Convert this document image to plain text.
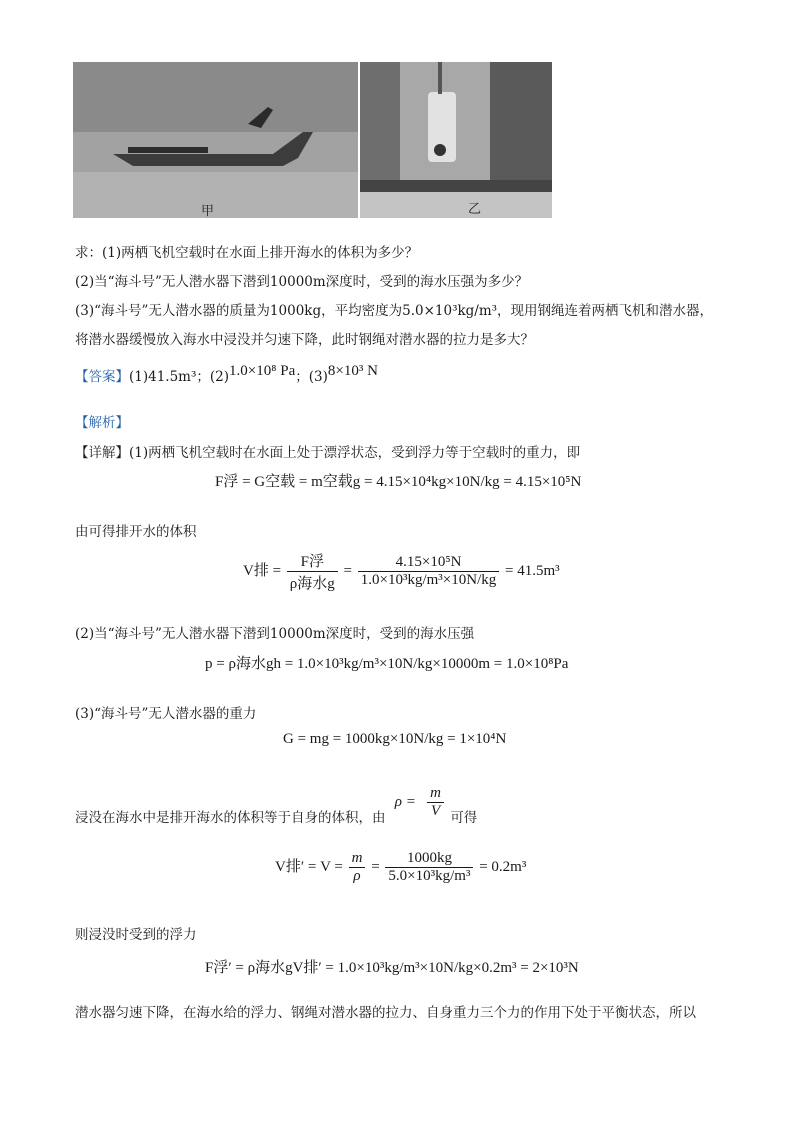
甲	乙
求：(1)两栖飞机空载时在水面上排开海水的体积为多少？
(2)当“海斗号”无人潜水器下潜到10000m深度时，受到的海水压强为多少？
(3)“海斗号”无人潜水器的质量为1000kg，平均密度为5.0×10³kg/m³，现用钢绳连着两栖飞机和潜水器，
将潜水器缓慢放入海水中浸没并匀速下降，此时钢绳对潜水器的拉力是多大？
【答案】(1)41.5m³；(2)1.0×10⁸ Pa；(3)8×10³ N
【解析】
【详解】(1)两栖飞机空载时在水面上处于漂浮状态，受到浮力等于空载时的重力，即
F浮 = G空载 = m空载g = 4.15×10⁴kg×10N/kg = 4.15×10⁵N
由可得排开水的体积
V排 = $\frac{\text{F浮}}{\text{ρ海水g}} = \frac{\text{4.15×10⁵N}}{\text{1.0×10³kg/m³×10N/kg}} = 41.5m^3$
(2)当“海斗号”无人潜水器下潜到10000m深度时，受到的海水压强
p = ρ海水gh = 1.0×10³kg/m³×10N/kg×10000m = 1.0×10⁸Pa
(3)“海斗号”无人潜水器的重力
G = mg = 1000kg×10N/kg = 1×10⁴N
浸没在海水中是排开海水的体积等于自身的体积，由 $\rho = \frac{m}{V}$ 可得
V排′ = $V = \frac{m}{\rho} = \frac{1000kg}{\text{5.0×10³kg/m³}} = 0.2m^3$
则浸没时受到的浮力
F浮′ = ρ海水gV排′ = 1.0×10³kg/m³×10N/kg×0.2m³ = 2×10³N
潜水器匀速下降，在海水给的浮力、钢绳对潜水器的拉力、自身重力三个力的作用下处于平衡状态，所以
